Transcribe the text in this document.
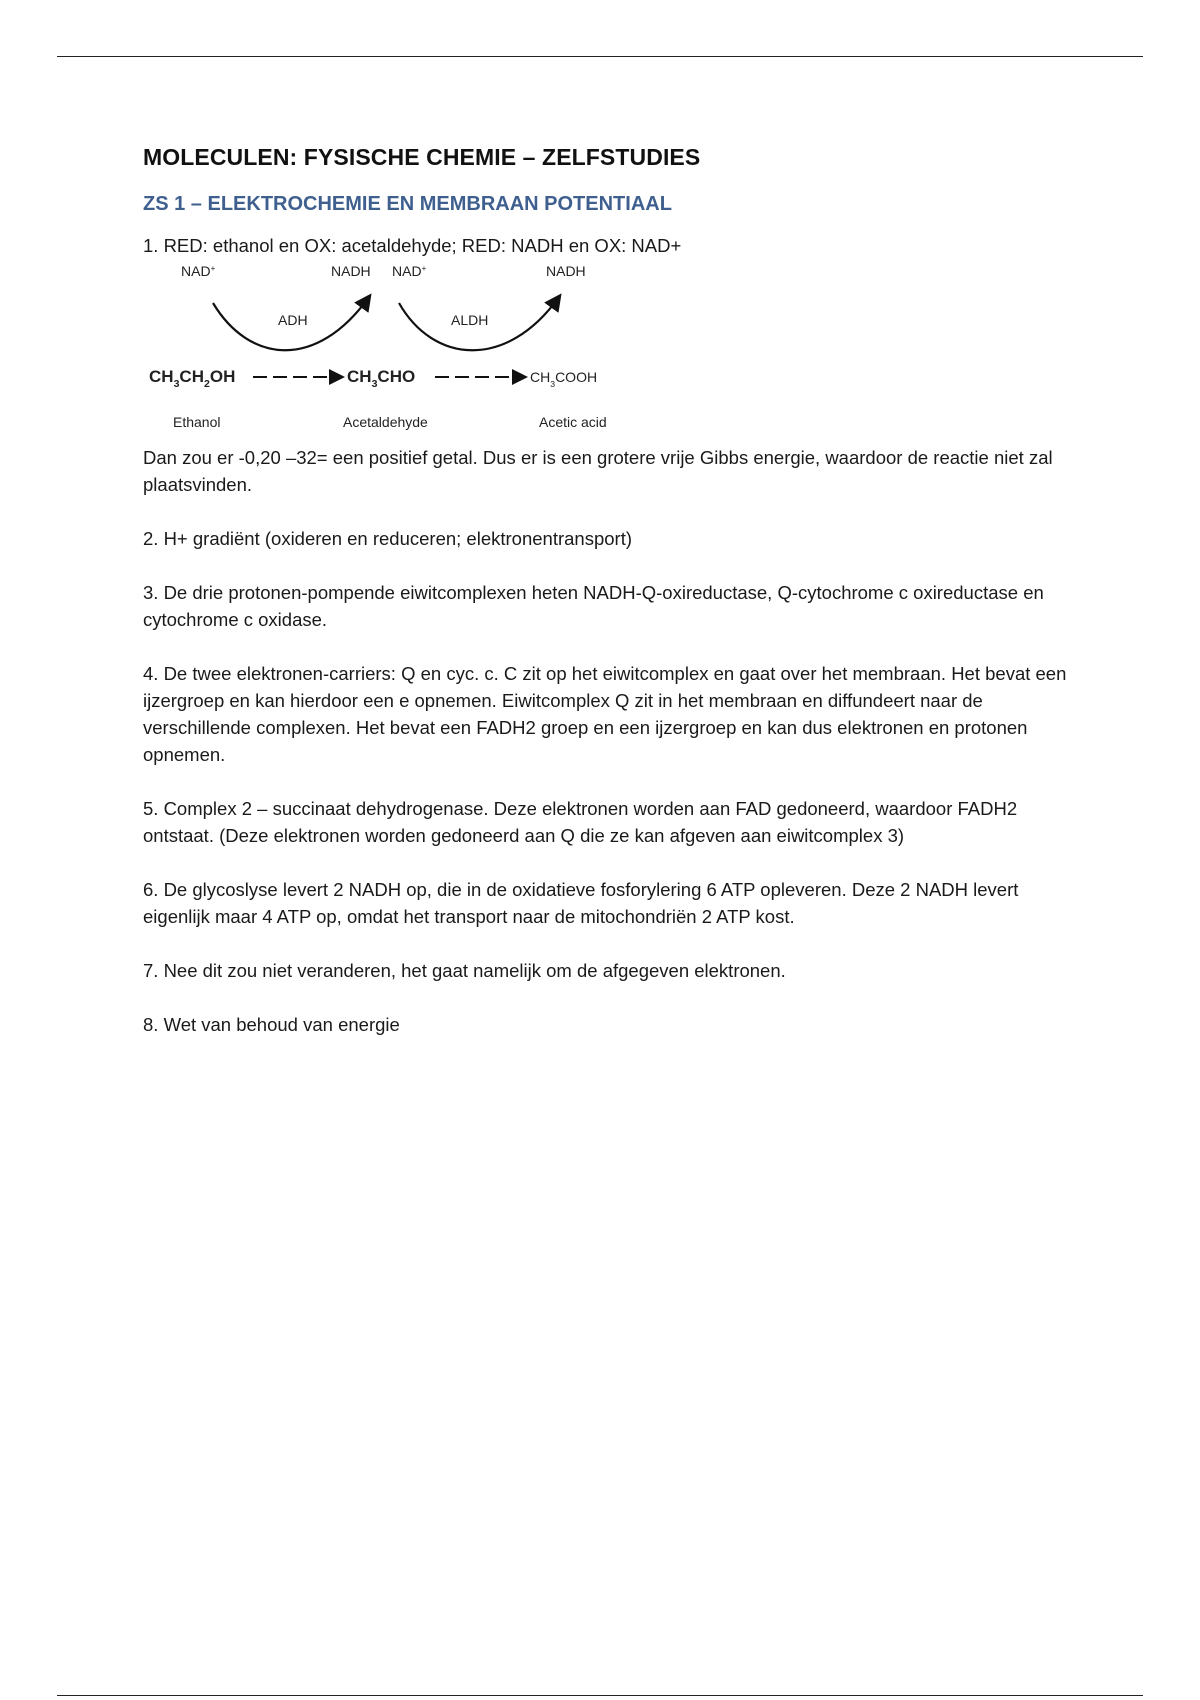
MOLECULEN: FYSISCHE CHEMIE – ZELFSTUDIES
ZS 1 – ELEKTROCHEMIE EN MEMBRAAN POTENTIAAL

1. RED: ethanol en OX: acetaldehyde; RED: NADH en OX: NAD+

NAD+	NADH NAD+	NADH
ADH	ALDH
$CH_3CH_2OH$	$CH_3CHO$	$CH_3COOH$
Ethanol	Acetaldehyde	Acetic acid

Dan zou er -0,20 –32= een positief getal. Dus er is een grotere vrije Gibbs energie, waardoor de reactie niet zal plaatsvinden.

2. H+ gradiënt (oxideren en reduceren; elektronentransport)

3. De drie protonen-pompende eiwitcomplexen heten NADH-Q-oxireductase, Q-cytochrome c oxireductase en cytochrome c oxidase.

4. De twee elektronen-carriers: Q en cyc. c. C zit op het eiwitcomplex en gaat over het membraan. Het bevat een ijzergroep en kan hierdoor een e opnemen. Eiwitcomplex Q zit in het membraan en diffundeert naar de verschillende complexen. Het bevat een FADH2 groep en een ijzergroep en kan dus elektronen en protonen opnemen.

5. Complex 2 – succinaat dehydrogenase. Deze elektronen worden aan FAD gedoneerd, waardoor FADH2 ontstaat. (Deze elektronen worden gedoneerd aan Q die ze kan afgeven aan eiwitcomplex 3)

6. De glycoslyse levert 2 NADH op, die in de oxidatieve fosforylering 6 ATP opleveren. Deze 2 NADH levert eigenlijk maar 4 ATP op, omdat het transport naar de mitochondriën 2 ATP kost.

7. Nee dit zou niet veranderen, het gaat namelijk om de afgegeven elektronen.

8. Wet van behoud van energie
